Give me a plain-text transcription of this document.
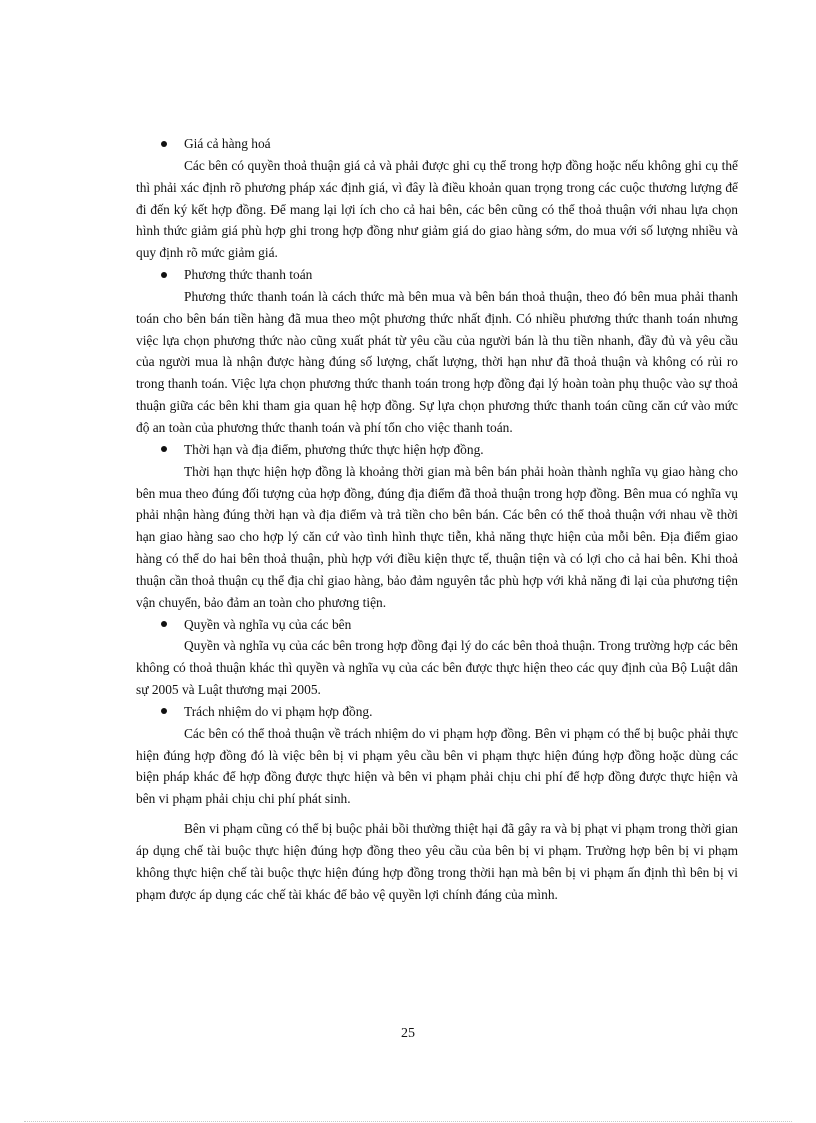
Giá cả hàng hoá
Các bên có quyền thoả thuận giá cả và phải được ghi cụ thể trong hợp đồng hoặc nếu không ghi cụ thể thì phải xác định rõ phương pháp xác định giá, vì đây là điều khoản quan trọng trong các cuộc thương lượng để đi đến ký kết hợp đồng. Để mang lại lợi ích cho cả hai bên, các bên cũng có thể thoả thuận với nhau lựa chọn hình thức giảm giá phù hợp ghi trong hợp đồng như giảm giá do giao hàng sớm, do mua với số lượng nhiều và quy định rõ mức giảm giá.
Phương thức thanh toán
Phương thức thanh toán là cách thức mà bên mua và bên bán thoả thuận, theo đó bên mua phải thanh toán cho bên bán tiền hàng đã mua theo một phương thức nhất định. Có nhiều phương thức thanh toán nhưng việc lựa chọn phương thức nào cũng xuất phát từ yêu cầu của người bán là thu tiền nhanh, đầy đủ và yêu cầu của người mua là nhận được hàng đúng số lượng, chất lượng, thời hạn như đã thoả thuận và không có rủi ro trong thanh toán. Việc lựa chọn phương thức thanh toán trong hợp đồng đại lý hoàn toàn phụ thuộc vào sự thoả thuận giữa các bên khi tham gia quan hệ hợp đồng. Sự lựa chọn phương thức thanh toán cũng căn cứ vào mức độ an toàn của phương thức thanh toán và phí tổn cho việc thanh toán.
Thời hạn và địa điểm, phương thức thực hiện hợp đồng.
Thời hạn thực hiện hợp đồng là khoảng thời gian mà bên bán phải hoàn thành nghĩa vụ giao hàng cho bên mua theo đúng đối tượng của hợp đồng, đúng địa điểm đã thoả thuận trong hợp đồng. Bên mua có nghĩa vụ phải nhận hàng đúng thời hạn và địa điểm và trả tiền cho bên bán. Các bên có thể thoả thuận với nhau về thời hạn giao hàng sao cho hợp lý căn cứ vào tình hình thực tiễn, khả năng thực hiện của mỗi bên. Địa điểm giao hàng có thể do hai bên thoả thuận, phù hợp với điều kiện thực tế, thuận tiện và có lợi cho cả hai bên. Khi thoả thuận cần thoả thuận cụ thể địa chỉ giao hàng, bảo đảm nguyên tắc phù hợp với khả năng đi lại của phương tiện vận chuyển, bảo đảm an toàn cho phương tiện.
Quyền và nghĩa vụ của các bên
Quyền và nghĩa vụ của các bên trong hợp đồng đại lý do các bên thoả thuận. Trong trường hợp các bên không có thoả thuận khác thì quyền và nghĩa vụ của các bên được thực hiện theo các quy định của Bộ Luật dân sự 2005 và Luật thương mại 2005.
Trách nhiệm do vi phạm hợp đồng.
Các bên có thể thoả thuận về trách nhiệm do vi phạm hợp đồng. Bên vi phạm có thể bị buộc phải thực hiện đúng hợp đồng đó là việc bên bị vi phạm yêu cầu bên vi phạm thực hiện đúng hợp đồng hoặc dùng các biện pháp khác để hợp đồng được thực hiện và bên vi phạm phải chịu chi phí để hợp đồng được thực hiện và bên vi phạm phải chịu chi phí phát sinh.
Bên vi phạm cũng có thể bị buộc phải bồi thường thiệt hại đã gây ra và bị phạt vi phạm trong thời gian áp dụng chế tài buộc thực hiện đúng hợp đồng theo yêu cầu của bên bị vi phạm. Trường hợp bên bị vi phạm không thực hiện chế tài buộc thực hiện đúng hợp đồng trong thờii hạn mà bên bị vi phạm ấn định thì bên bị vi phạm được áp dụng các chế tài khác để bảo vệ quyền lợi chính đáng của mình.
25
